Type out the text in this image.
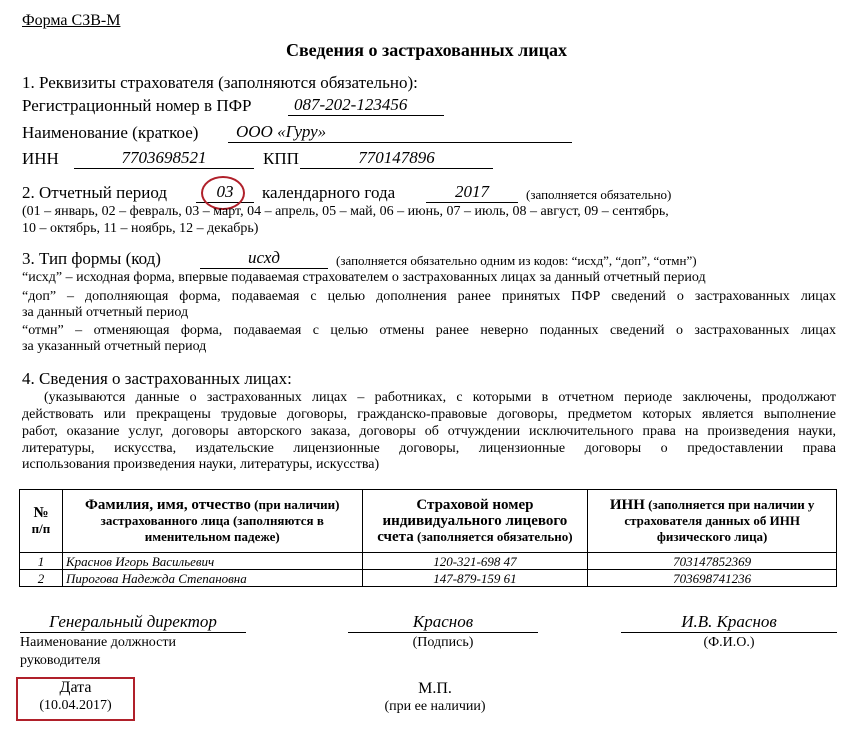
Форма СЗВ-М
Сведения о застрахованных лицах
1. Реквизиты страхователя (заполняются обязательно):
Регистрационный номер в ПФР	087-202-123456
Наименование (краткое)	ООО «Гуру»
ИНН	7703698521	КПП	770147896
2. Отчетный период	03	календарного года	2017	(заполняется обязательно)
(01 – январь, 02 – февраль, 03 – март, 04 – апрель, 05 – май, 06 – июнь, 07 – июль, 08 – август, 09 – сентябрь,
10 – октябрь, 11 – ноябрь, 12 – декабрь)
3. Тип формы (код)	исхд	(заполняется обязательно одним из кодов: “исхд”, “доп”, “отмн”)
“исхд” – исходная форма, впервые подаваемая страхователем о застрахованных лицах за данный отчетный период
“доп” – дополняющая форма, подаваемая с целью дополнения ранее принятых ПФР сведений о застрахованных лицах
за данный отчетный период
“отмн” – отменяющая форма, подаваемая с целью отмены ранее неверно поданных сведений о застрахованных лицах
за указанный отчетный период
4. Сведения о застрахованных лицах:
(указываются данные о застрахованных лицах – работниках, с которыми в отчетном периоде заключены, продолжают
действовать или прекращены трудовые договоры, гражданско-правовые договоры, предметом которых является выполнение
работ, оказание услуг, договоры авторского заказа, договоры об отчуждении исключительного права на произведения науки,
литературы, искусства, издательские лицензионные договоры, лицензионные договоры о предоставлении права
использования произведения науки, литературы, искусства)
№
п/п	Фамилия, имя, отчество (при наличии) застрахованного лица (заполняются в именительном падеже)	Страховой номер индивидуального лицевого счета (заполняется обязательно)	ИНН (заполняется при наличии у страхователя данных об ИНН физического лица)
1	Краснов Игорь Васильевич	120-321-698 47	703147852369
2	Пирогова Надежда Степановна	147-879-159 61	703698741236
Генеральный директор
Наименование должности
руководителя
Краснов
(Подпись)
И.В. Краснов
(Ф.И.О.)
Дата
(10.04.2017)
М.П.
(при ее наличии)
